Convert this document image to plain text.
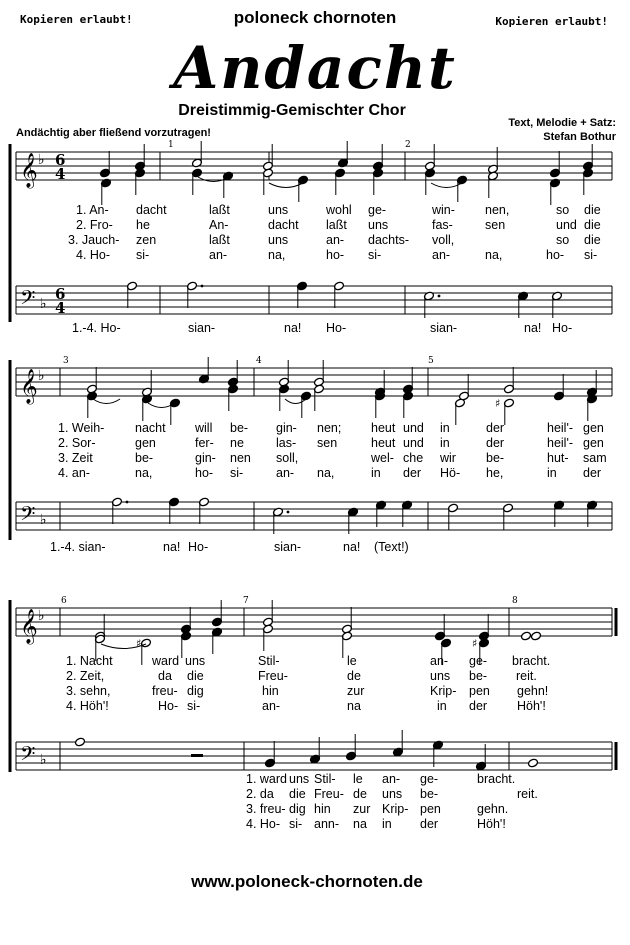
Kopieren erlaubt!	Kopieren erlaubt!
poloneck chornoten
Andacht
Dreistimmig-Gemischter Chor
Text, Melodie + Satz:
Stefan Bothur
Andächtig aber fließend vorzutragen!
𝄞
𝄢
♭
♭
6
6
4
4
1	2
𝄞
𝄢
♭
♭
3	4	5
𝄞
𝄢
♭
♭
6	7	8
♯
♯	♯
1. An- dacht	laßt	uns	wohl ge-	win- nen,	so die
2. Fro- he	An-	dacht laßt uns	fas-	sen	und die
3. Jauch- zen	laßt	uns	an- dachts- voll,	so die
4. Ho- si-	an-	na,	ho- si-	an-	na,	ho- si-
1.-4. Ho-	sian-	na! Ho-	sian-	na! Ho-
1. Weih- nacht will be- gin- nen; heut und in	der	heil'- gen
2. Sor-	gen	fer- ne	las- sen	heut und in	der	heil'- gen
3. Zeit	be-	gin- nen soll,	wel- che wir be-	hut- sam
4. an-	na,	ho- si-	an- na,	in der Hö- he,	in der
1.-4. sian-	na! Ho-	sian-	na! (Text!)
1. Nacht	ward uns	Stil-	le	an- ge- bracht.
2. Zeit,	da die	Freu-	de	uns be- reit.
3. sehn,	freu- dig	hin	zur	Krip- pen gehn!
4. Höh'!	Ho- si-	an-	na	in der Höh'!
1. ward uns Stil- le an- ge-	bracht.
2. da die Freu- de uns be-	reit.
3. freu- dig hin zur Krip- pen	gehn.
4. Ho- si- ann- na in der	Höh'!
www.poloneck-chornoten.de
